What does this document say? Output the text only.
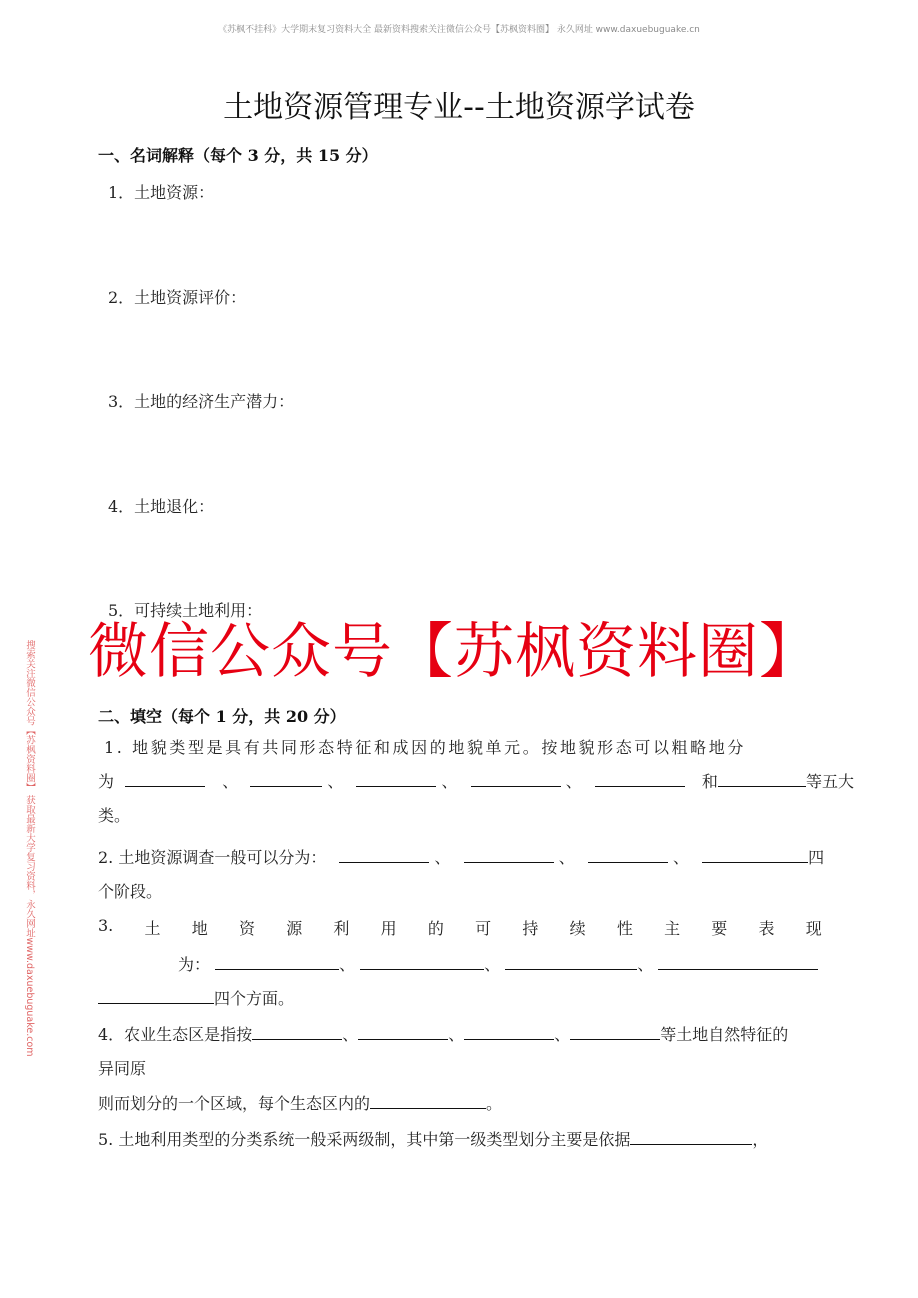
《苏枫不挂科》大学期末复习资料大全 最新资料搜索关注微信公众号【苏枫资料圈】 永久网址 www.daxuebuguake.cn
土地资源管理专业--土地资源学试卷
一、名词解释（每个 3 分，共 15 分）
1．土地资源：
2．土地资源评价：
3．土地的经济生产潜力：
4．土地退化：
5．可持续土地利用：
微信公众号【苏枫资料圈】
搜索关注微信公众号【苏枫资料圈】 获取最新大学复习资料，永久网址www.daxuebuguake.com	二、填空（每个 1 分，共 20 分）
1. 地貌类型是具有共同形态特征和成因的地貌单元。按地貌形态可以粗略地分
为	、	、	、	、	和	等五大
类。
2. 土地资源调查一般可以分为：	、	、	、	四
个阶段。
3. 土 地 资 源 利 用 的 可 持 续 性 主 要 表 现
为：	、	、	、
四个方面。
4．农业生态区是指按	、	、	、	等土地自然特征的
异同原
则而划分的一个区域，每个生态区内的	。
5. 土地利用类型的分类系统一般采两级制，其中第一级类型划分主要是依据	，
